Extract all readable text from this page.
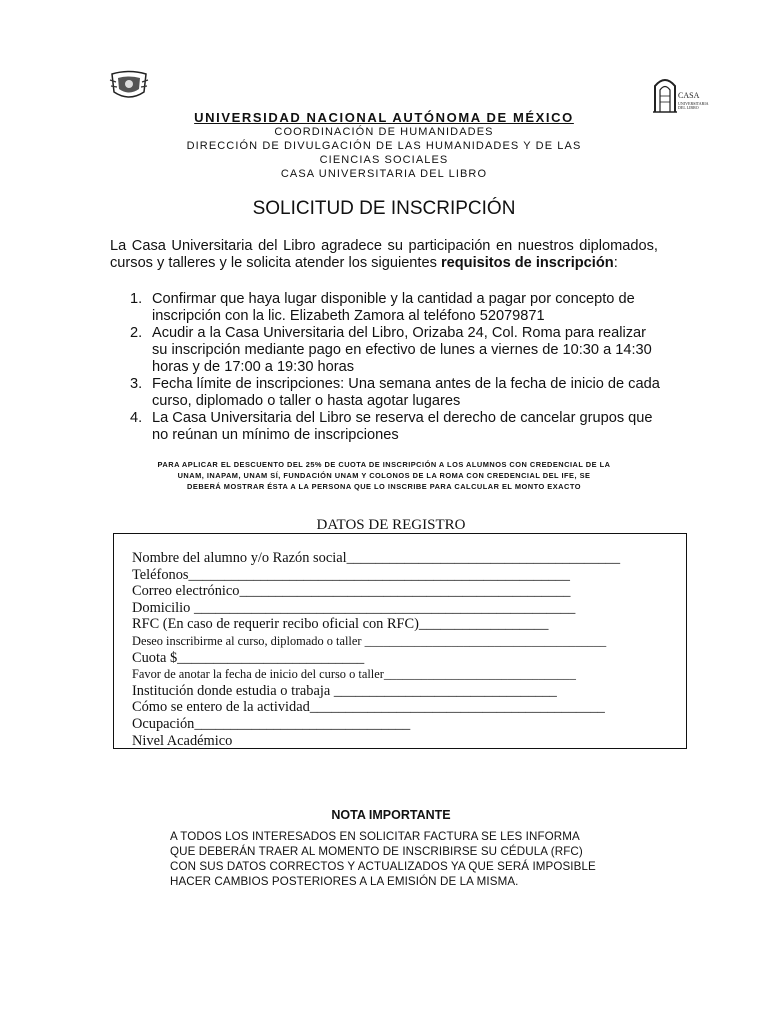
CASA
UNIVERSITARIA DEL LIBRO
UNIVERSIDAD NACIONAL AUTÓNOMA DE MÉXICO
COORDINACIÓN DE HUMANIDADES
DIRECCIÓN DE DIVULGACIÓN DE LAS HUMANIDADES Y DE LAS
CIENCIAS SOCIALES
CASA UNIVERSITARIA DEL LIBRO
SOLICITUD DE INSCRIPCIÓN
La Casa Universitaria del Libro agradece su participación en nuestros diplomados, cursos y talleres y le solicita atender los siguientes requisitos de inscripción:
1. Confirmar que haya lugar disponible y la cantidad a pagar por concepto de inscripción con la lic. Elizabeth Zamora al teléfono 52079871
2. Acudir a la Casa Universitaria del Libro, Orizaba 24, Col. Roma para realizar su inscripción mediante pago en efectivo de lunes a viernes de 10:30 a 14:30 horas y de 17:00 a 19:30 horas
3. Fecha límite de inscripciones: Una semana antes de la fecha de inicio de cada curso, diplomado o taller o hasta agotar lugares
4. La Casa Universitaria del Libro se reserva el derecho de cancelar grupos que no reúnan un mínimo de inscripciones
PARA APLICAR EL DESCUENTO DEL 25% DE CUOTA DE INSCRIPCIÓN A LOS ALUMNOS CON CREDENCIAL DE LA
UNAM, INAPAM, UNAM SÍ, FUNDACIÓN UNAM Y COLONOS DE LA ROMA CON CREDENCIAL DEL IFE, SE
DEBERÁ MOSTRAR ÉSTA A LA PERSONA QUE LO INSCRIBE PARA CALCULAR EL MONTO EXACTO
DATOS DE REGISTRO
Nombre del alumno y/o Razón social______________________________________
Teléfonos_____________________________________________________
Correo electrónico______________________________________________
Domicilio _____________________________________________________
RFC (En caso de requerir recibo oficial con RFC)__________________
Deseo inscribirme al curso, diplomado o taller _______________________________________
Cuota $__________________________
Favor de anotar la fecha de inicio del curso o taller_______________________________
Institución donde estudia o trabaja _______________________________
Cómo se entero de la actividad_________________________________________
Ocupación______________________________
Nivel Académico
NOTA IMPORTANTE
A TODOS LOS INTERESADOS EN SOLICITAR FACTURA SE LES INFORMA
QUE DEBERÁN TRAER AL MOMENTO DE INSCRIBIRSE SU CÉDULA (RFC)
CON SUS DATOS CORRECTOS Y ACTUALIZADOS YA QUE SERÁ IMPOSIBLE
HACER CAMBIOS POSTERIORES A LA EMISIÓN DE LA MISMA.
